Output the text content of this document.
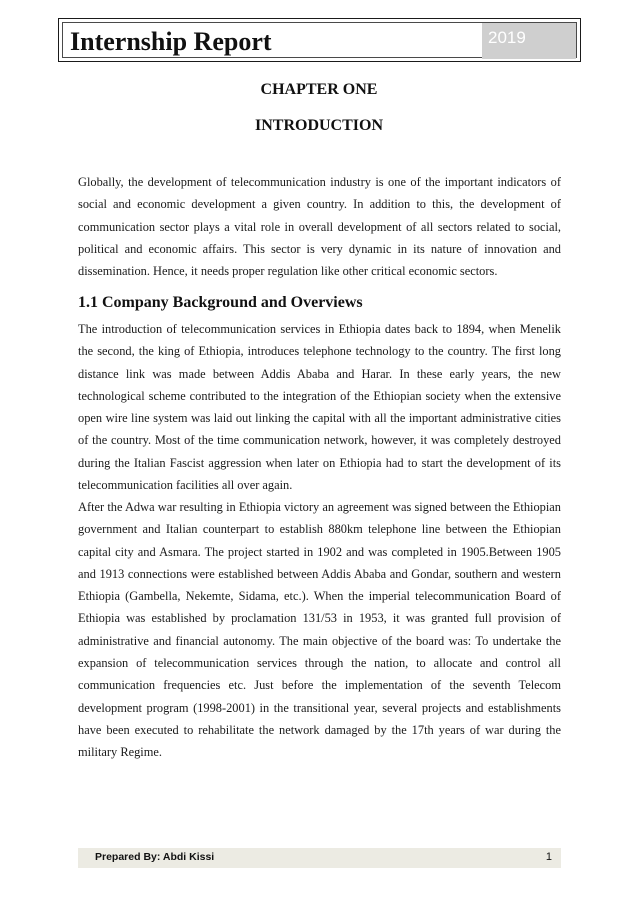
Internship Report	2019
CHAPTER ONE
INTRODUCTION

Globally, the development of telecommunication industry is one of the important indicators of social and economic development a given country. In addition to this, the development of communication sector plays a vital role in overall development of all sectors related to social, political and economic affairs. This sector is very dynamic in its nature of innovation and dissemination. Hence, it needs proper regulation like other critical economic sectors.

1.1 Company Background and Overviews

The introduction of telecommunication services in Ethiopia dates back to 1894, when Menelik the second, the king of Ethiopia, introduces telephone technology to the country. The first long distance link was made between Addis Ababa and Harar. In these early years, the new technological scheme contributed to the integration of the Ethiopian society when the extensive open wire line system was laid out linking the capital with all the important administrative cities of the country. Most of the time communication network, however, it was completely destroyed during the Italian Fascist aggression when later on Ethiopia had to start the development of its telecommunication facilities all over again.

After the Adwa war resulting in Ethiopia victory an agreement was signed between the Ethiopian government and Italian counterpart to establish 880km telephone line between the Ethiopian capital city and Asmara. The project started in 1902 and was completed in 1905.Between 1905 and 1913 connections were established between Addis Ababa and Gondar, southern and western Ethiopia (Gambella, Nekemte, Sidama, etc.). When the imperial telecommunication Board of Ethiopia was established by proclamation 131/53 in 1953, it was granted full provision of administrative and financial autonomy. The main objective of the board was: To undertake the expansion of telecommunication services through the nation, to allocate and control all communication frequencies etc. Just before the implementation of the seventh Telecom development program (1998-2001) in the transitional year, several projects and establishments have been executed to rehabilitate the network damaged by the 17th years of war during the military Regime.

Prepared By: Abdi Kissi	1
